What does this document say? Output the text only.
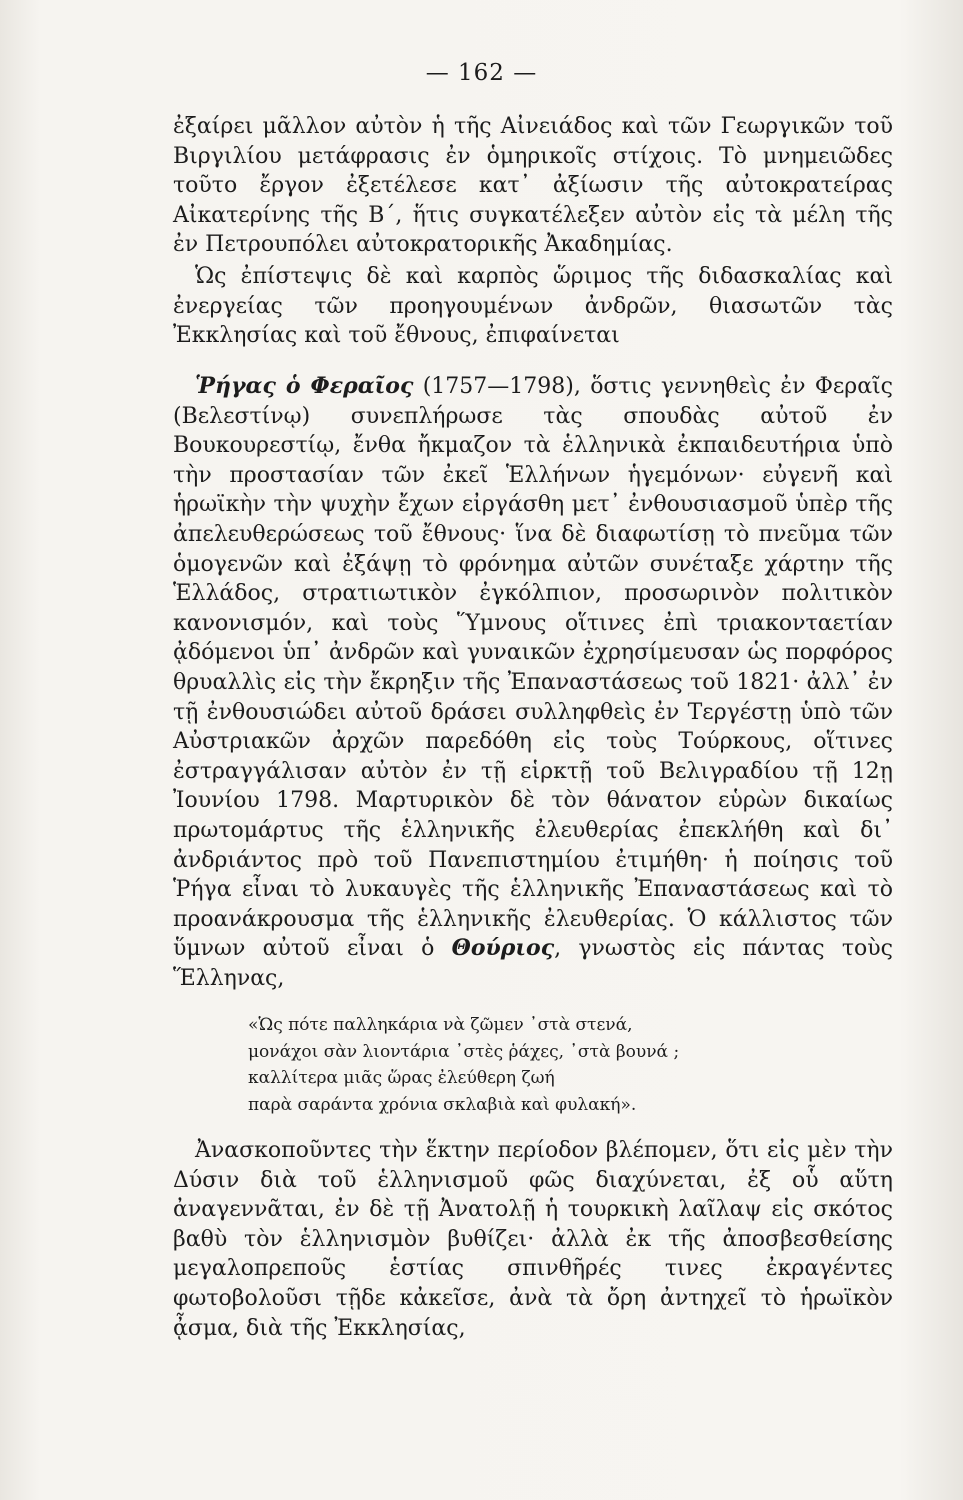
— 162 —

ἐξαίρει μᾶλλον αὐτὸν ἡ τῆς Αἰνειάδος καὶ τῶν Γεωργικῶν τοῦ Βιργιλίου μετάφρασις ἐν ὁμηρικοῖς στίχοις. Τὸ μνημειῶδες τοῦτο ἔργον ἐξετέλεσε κατ᾿ ἀξίωσιν τῆς αὐτοκρατείρας Αἰκατερίνης τῆς Β΄, ἥτις συγκατέλεξεν αὐτὸν εἰς τὰ μέλη τῆς ἐν Πετρουπόλει αὐτοκρατορικῆς Ἀκαδημίας.

Ὡς ἐπίστεψις δὲ καὶ καρπὸς ὥριμος τῆς διδασκαλίας καὶ ἐνεργείας τῶν προηγουμένων ἀνδρῶν, θιασωτῶν τὰς Ἐκκλησίας καὶ τοῦ ἔθνους, ἐπιφαίνεται

Ῥήγας ὁ Φεραῖος (1757—1798), ὅστις γεννηθεὶς ἐν Φεραῖς (Βελεστίνῳ) συνεπλήρωσε τὰς σπουδὰς αὐτοῦ ἐν Βουκουρεστίῳ, ἔνθα ἤκμαζον τὰ ἑλληνικὰ ἐκπαιδευτήρια ὑπὸ τὴν προστασίαν τῶν ἐκεῖ Ἑλλήνων ἡγεμόνων· εὐγενῆ καὶ ἡρωϊκὴν τὴν ψυχὴν ἔχων εἰργάσθη μετ᾿ ἐνθουσιασμοῦ ὑπὲρ τῆς ἀπελευθερώσεως τοῦ ἔθνους· ἵνα δὲ διαφωτίσῃ τὸ πνεῦμα τῶν ὁμογενῶν καὶ ἐξάψῃ τὸ φρόνημα αὐτῶν συνέταξε χάρτην τῆς Ἑλλάδος, στρατιωτικὸν ἐγκόλπιον, προσωρινὸν πολιτικὸν κανονισμόν, καὶ τοὺς Ὕμνους οἵτινες ἐπὶ τριακονταετίαν ᾀδόμενοι ὑπ᾿ ἀνδρῶν καὶ γυναικῶν ἐχρησίμευσαν ὡς πορφόρος θρυαλλὶς εἰς τὴν ἔκρηξιν τῆς Ἐπαναστάσεως τοῦ 1821· ἀλλ᾿ ἐν τῇ ἐνθουσιώδει αὐτοῦ δράσει συλληφθεὶς ἐν Τεργέστῃ ὑπὸ τῶν Αὐστριακῶν ἀρχῶν παρεδόθη εἰς τοὺς Τούρκους, οἵτινες ἐστραγγάλισαν αὐτὸν ἐν τῇ εἱρκτῇ τοῦ Βελιγραδίου τῇ 12ῃ Ἰουνίου 1798. Μαρτυρικὸν δὲ τὸν θάνατον εὑρὼν δικαίως πρωτομάρτυς τῆς ἑλληνικῆς ἐλευθερίας ἐπεκλήθη καὶ δι᾿ ἀνδριάντος πρὸ τοῦ Πανεπιστημίου ἐτιμήθη· ἡ ποίησις τοῦ Ῥήγα εἶναι τὸ λυκαυγὲς τῆς ἑλληνικῆς Ἐπαναστάσεως καὶ τὸ προανάκρουσμα τῆς ἑλληνικῆς ἐλευθερίας. Ὁ κάλλιστος τῶν ὕμνων αὐτοῦ εἶναι ὁ Θούριος, γνωστὸς εἰς πάντας τοὺς Ἕλληνας,

«Ὡς πότε παλληκάρια νὰ ζῶμεν ᾽στὰ στενά,
μονάχοι σὰν λιοντάρια ᾽στὲς ῥάχες, ᾽στὰ βουνά ;
καλλίτερα μιᾶς ὥρας ἐλεύθερη ζωή
παρὰ σαράντα χρόνια σκλαβιὰ καὶ φυλακή».

Ἀνασκοποῦντες τὴν ἕκτην περίοδον βλέπομεν, ὅτι εἰς μὲν τὴν Δύσιν διὰ τοῦ ἑλληνισμοῦ φῶς διαχύνεται, ἐξ οὗ αὕτη ἀναγεννᾶται, ἐν δὲ τῇ Ἀνατολῇ ἡ τουρκικὴ λαῖλαψ εἰς σκότος βαθὺ τὸν ἑλληνισμὸν βυθίζει· ἀλλὰ ἐκ τῆς ἀποσβεσθείσης μεγαλοπρεποῦς ἑστίας σπινθῆρές τινες ἐκραγέντες φωτοβολοῦσι τῇδε κἀκεῖσε, ἀνὰ τὰ ὄρη ἀντηχεῖ τὸ ἡρωϊκὸν ᾆσμα, διὰ τῆς Ἐκκλησίας,
